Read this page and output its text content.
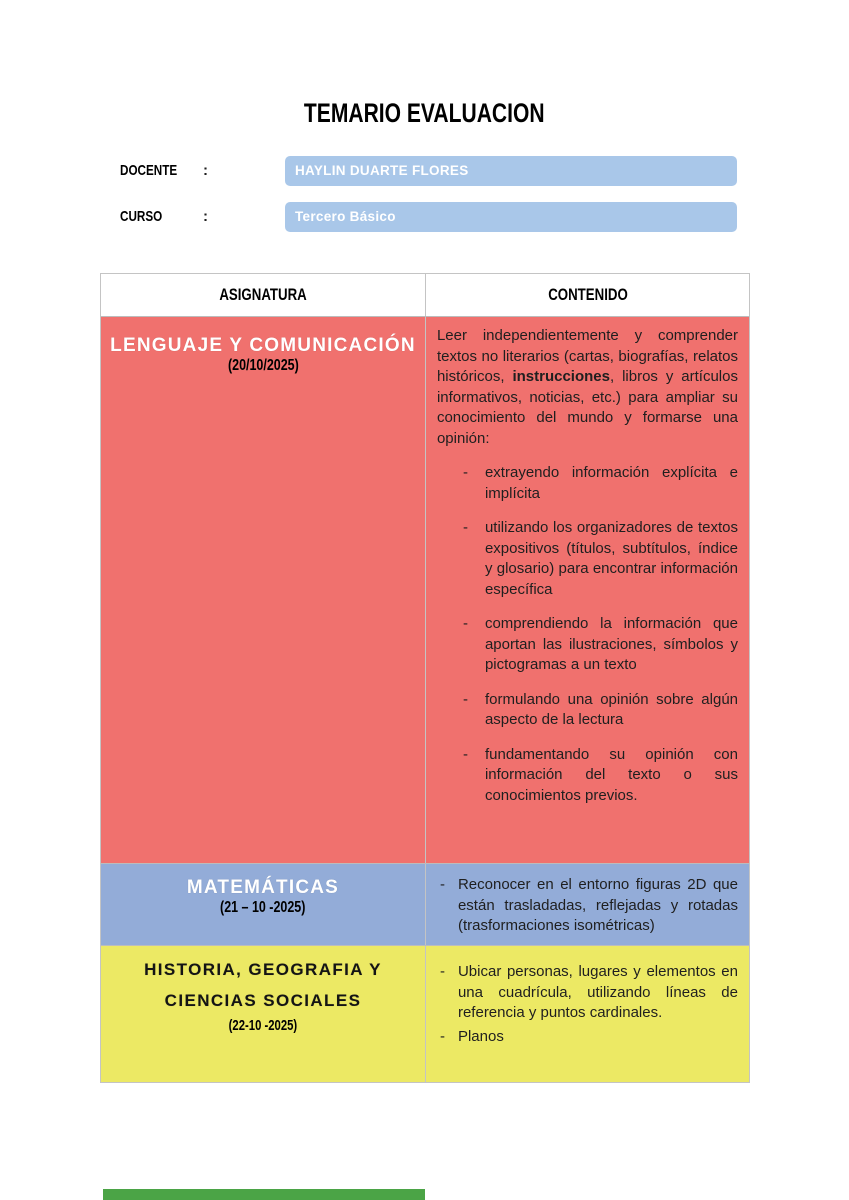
TEMARIO EVALUACION
DOCENTE :	HAYLIN DUARTE FLORES
CURSO	:	Tercero Básico
ASIGNATURA	CONTENIDO
LENGUAJE Y COMUNICACIÓN
(20/10/2025)

Leer independientemente y comprender textos no literarios (cartas, biografías, relatos históricos, instrucciones, libros y artículos informativos, noticias, etc.) para ampliar su conocimiento del mundo y formarse una opinión:

-	extrayendo información explícita e implícita
-	utilizando los organizadores de textos expositivos (títulos, subtítulos, índice y glosario) para encontrar información específica
-	comprendiendo la información que aportan las ilustraciones, símbolos y pictogramas a un texto
-	formulando una opinión sobre algún aspecto de la lectura
-	fundamentando su opinión con información del texto o sus conocimientos previos.
MATEMÁTICAS
(21 – 10 -2025)
- Reconocer en el entorno figuras 2D que están trasladadas, reflejadas y rotadas (trasformaciones isométricas)
HISTORIA, GEOGRAFIA Y
CIENCIAS SOCIALES
(22-10 -2025)
- Ubicar personas, lugares y elementos en una cuadrícula, utilizando líneas de referencia y puntos cardinales.
- Planos
